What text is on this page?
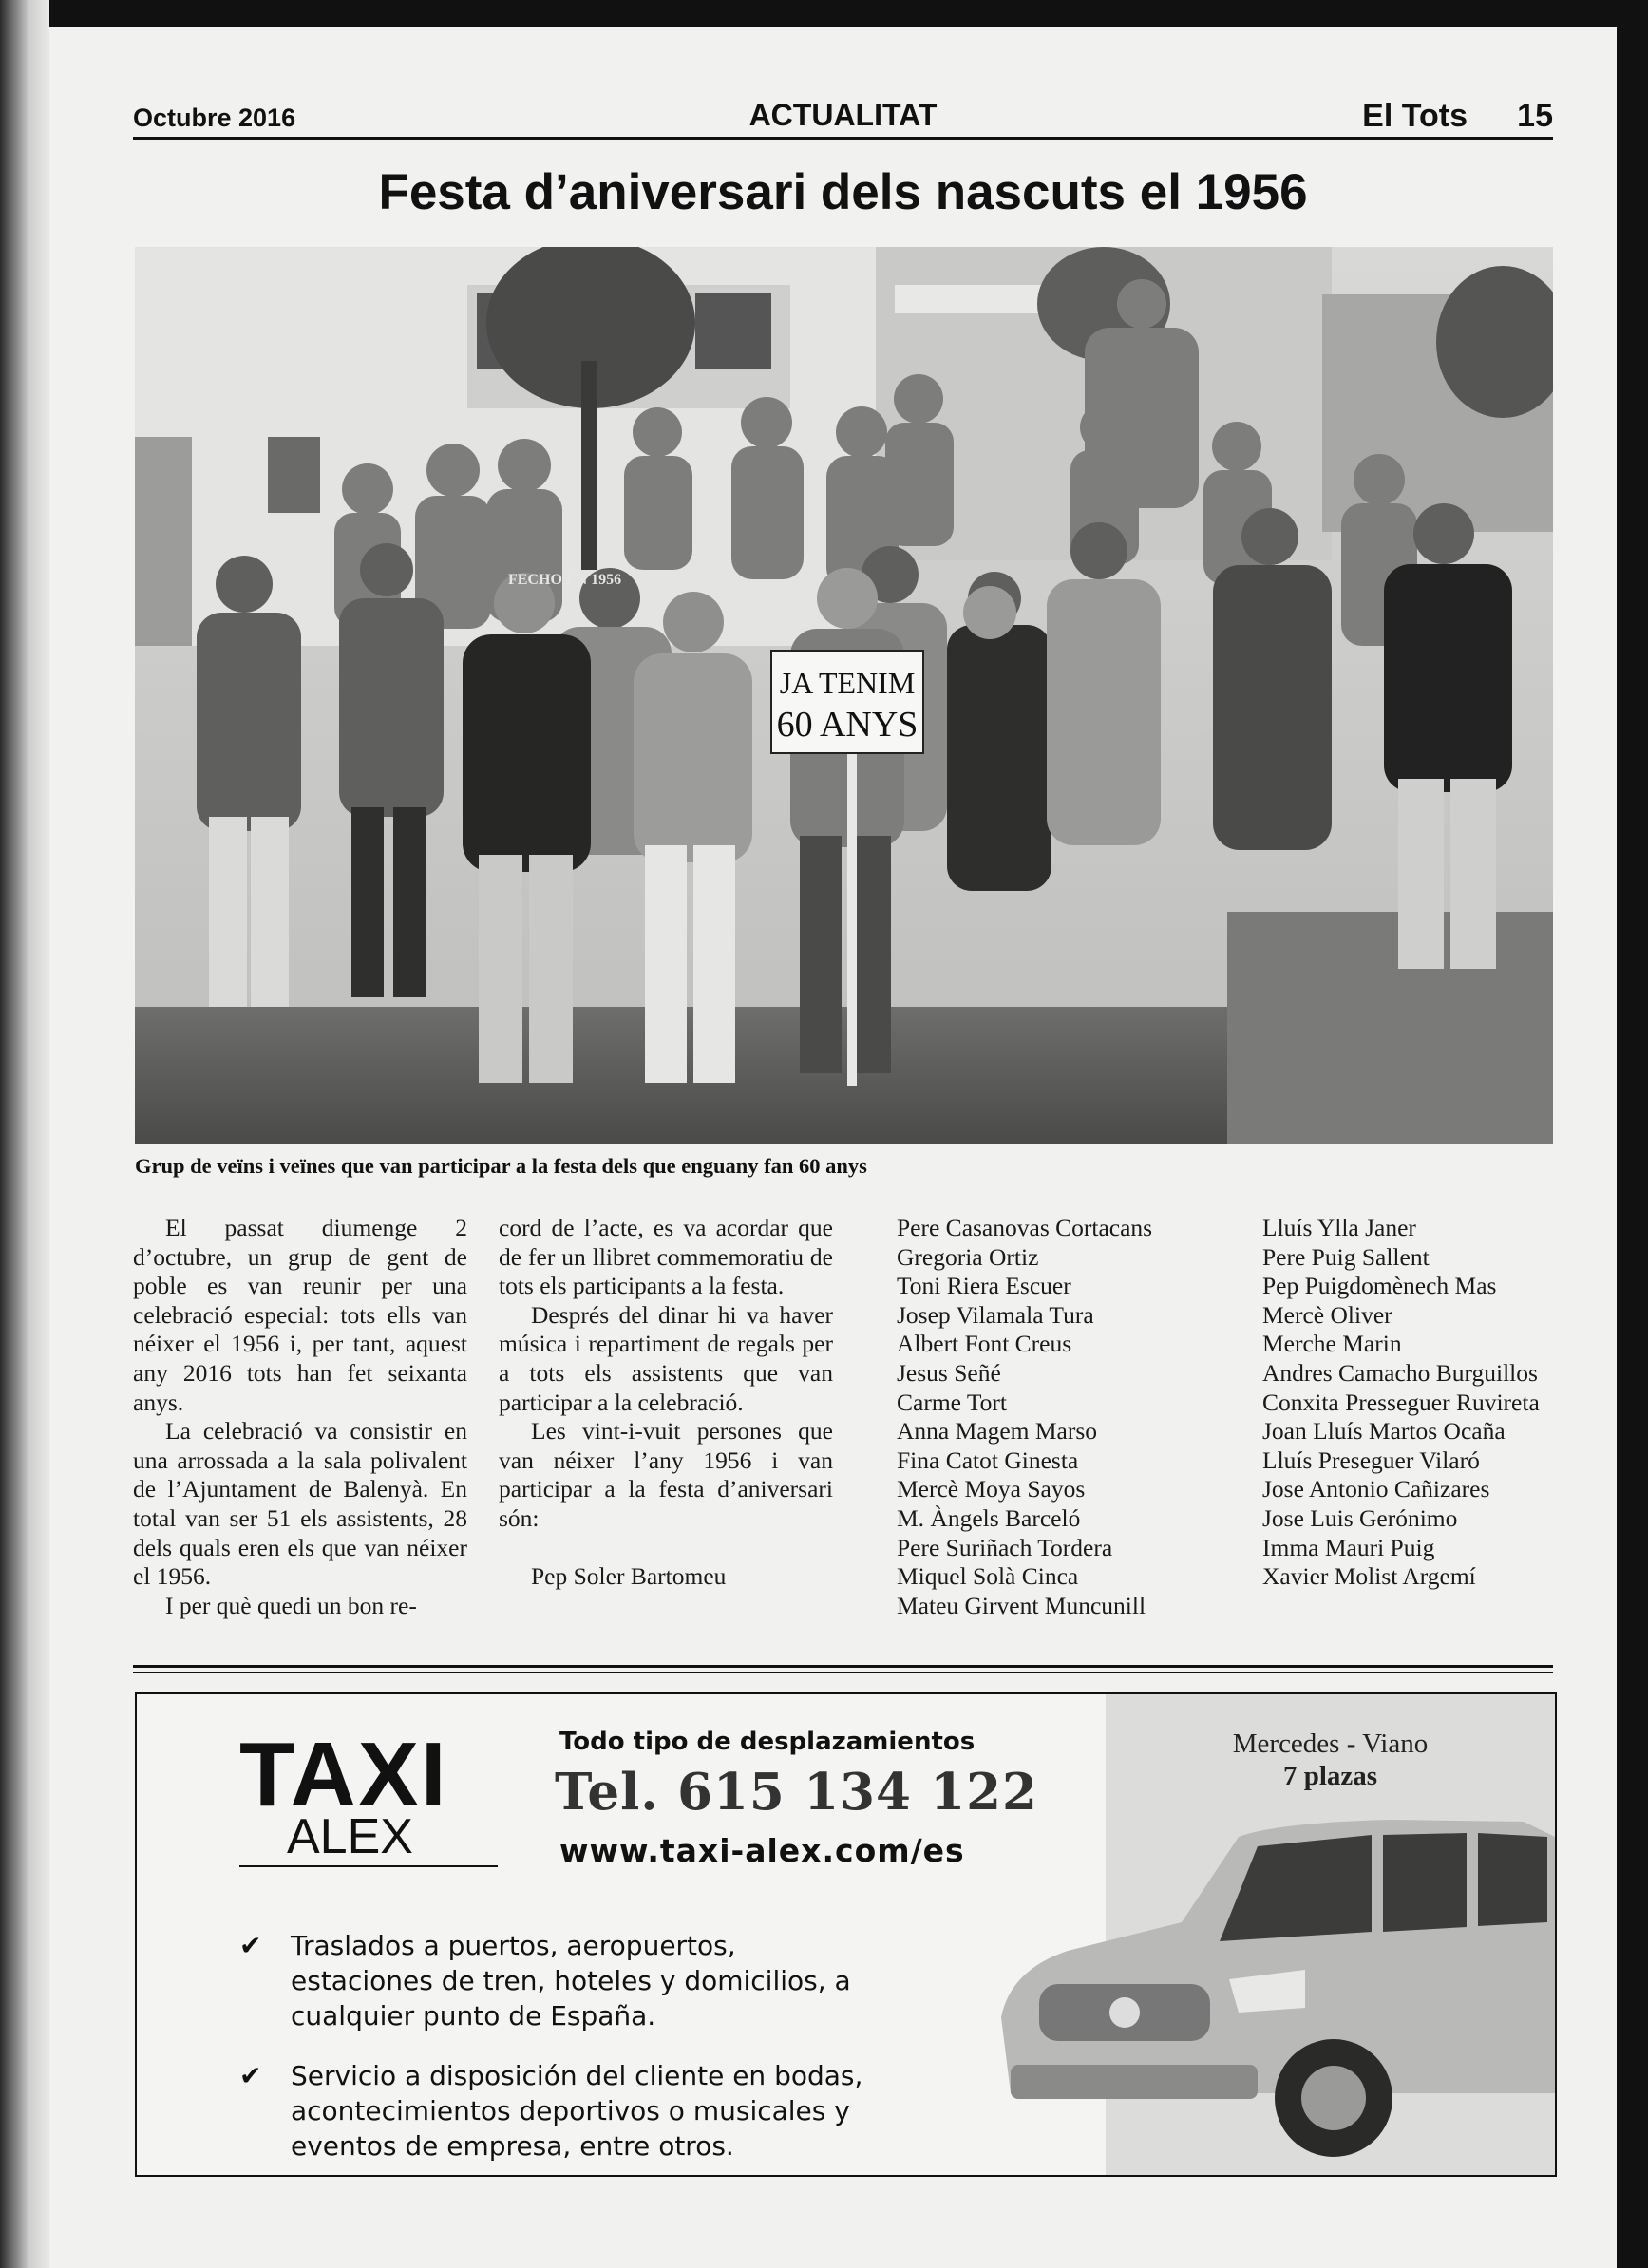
Octubre 2016	ACTUALITAT	El Tots 15
Festa d’aniversari dels nascuts el 1956
FECHO EN 1956
JA TENIM
60 ANYS
Grup de veïns i veïnes que van participar a la festa dels que enguany fan 60 anys

El passat diumenge 2 d’octubre, un grup de gent de poble es van reunir per una celebració especial: tots ells van néixer el 1956 i, per tant, aquest any 2016 tots han fet seixanta anys.

La celebració va consistir en una arrossada a la sala polivalent de l’Ajuntament de Balenyà. En total van ser 51 els assistents, 28 dels quals eren els que van néixer el 1956.

I per què quedi un bon re-

cord de l’acte, es va acordar que de fer un llibret commemoratiu de tots els participants a la festa.

Després del dinar hi va haver música i repartiment de regals per a tots els assistents que van participar a la celebració.

Les vint-i-vuit persones que van néixer l’any 1956 i van participar a la festa d’aniversari són:

Pep Soler Bartomeu

Pere Casanovas Cortacans
Gregoria Ortiz
Toni Riera Escuer
Josep Vilamala Tura
Albert Font Creus
Jesus Señé
Carme Tort
Anna Magem Marso
Fina Catot Ginesta
Mercè Moya Sayos
M. Àngels Barceló
Pere Suriñach Tordera
Miquel Solà Cinca
Mateu Girvent Muncunill
Lluís Ylla Janer
Pere Puig Sallent
Pep Puigdomènech Mas
Mercè Oliver
Merche Marin
Andres Camacho Burguillos
Conxita Presseguer Ruvireta
Joan Lluís Martos Ocaña
Lluís Preseguer Vilaró
Jose Antonio Cañizares
Jose Luis Gerónimo
Imma Mauri Puig
Xavier Molist Argemí
TAXI
ALEX
Todo tipo de desplazamientos
Tel. 615 134 122
www.taxi-alex.com/es
✔ Traslados a puertos, aeropuertos, estaciones de tren, hoteles y domicilios, a cualquier punto de España.
✔ Servicio a disposición del cliente en bodas, acontecimientos deportivos o musicales y eventos de empresa, entre otros.
Mercedes - Viano
7 plazas
